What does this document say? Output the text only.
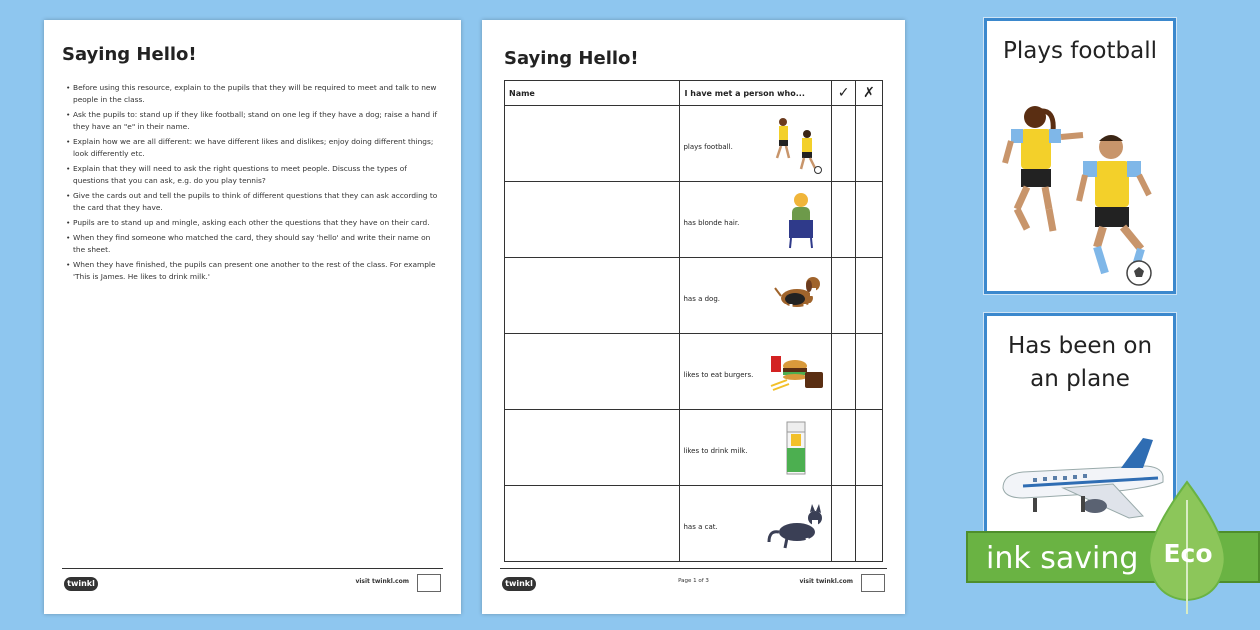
Saying Hello!
• Before using this resource, explain to the pupils that they will be required to meet and talk to new people in the class.
• Ask the pupils to: stand up if they like football; stand on one leg if they have a dog; raise a hand if they have an "e" in their name.
• Explain how we are all different: we have different likes and dislikes; enjoy doing different things; look differently etc.
• Explain that they will need to ask the right questions to meet people. Discuss the types of questions that you can ask, e.g. do you play tennis?
• Give the cards out and tell the pupils to think of different questions that they can ask according to the card that they have.
• Pupils are to stand up and mingle, asking each other the questions that they have on their card.
• When they find someone who matched the card, they should say 'hello' and write their name on the sheet.
• When they have finished, the pupils can present one another to the rest of the class. For example 'This is James. He likes to drink milk.'
twinkl	visit twinkl.com
Saying Hello!
Name	I have met a person who...	✓	✗
	plays football.

	has blonde hair.

	has a dog.

	likes to eat burgers.

	likes to drink milk.

	has a cat.

twinkl	Page 1 of 3	visit twinkl.com
Plays football
Has been on an plane
ink saving Eco
